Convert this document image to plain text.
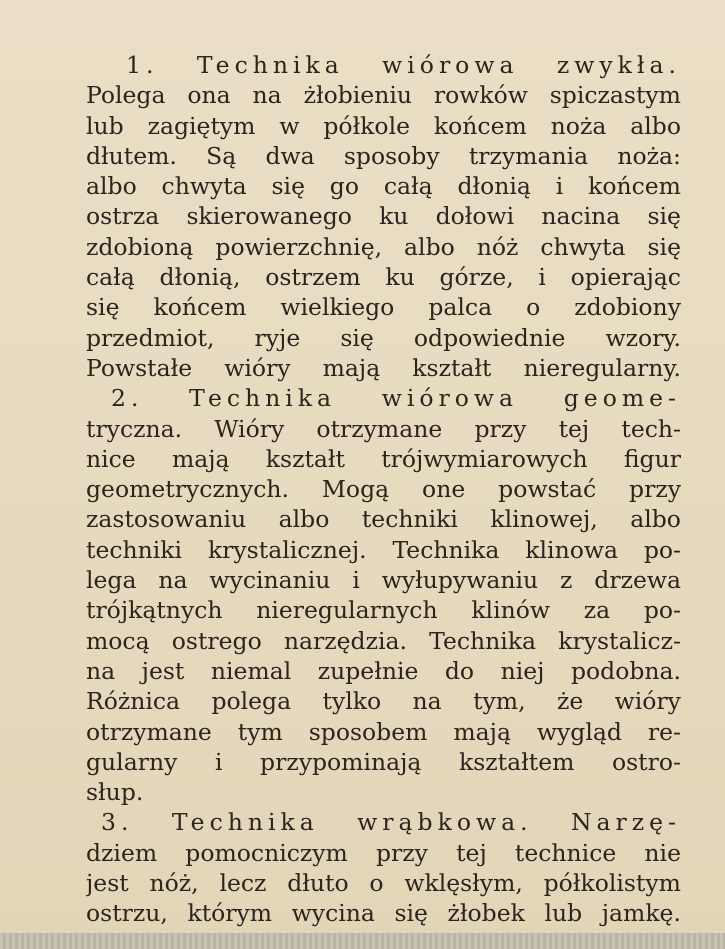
1. Technika wiórowa zwykła.
Polega ona na żłobieniu rowków spiczastym
lub zagiętym w półkole końcem noża albo
dłutem. Są dwa sposoby trzymania noża:
albo chwyta się go całą dłonią i końcem
ostrza skierowanego ku dołowi nacina się
zdobioną powierzchnię, albo nóż chwyta się
całą dłonią, ostrzem ku górze, i opierając
się końcem wielkiego palca o zdobiony
przedmiot, ryje się odpowiednie wzory.
Powstałe wióry mają kształt nieregularny.
2. Technika wiórowa geome-
tryczna. Wióry otrzymane przy tej tech-
nice mają kształt trójwymiarowych figur
geometrycznych. Mogą one powstać przy
zastosowaniu albo techniki klinowej, albo
techniki krystalicznej. Technika klinowa po-
lega na wycinaniu i wyłupywaniu z drzewa
trójkątnych nieregularnych klinów za po-
mocą ostrego narzędzia. Technika krystalicz-
na jest niemal zupełnie do niej podobna.
Różnica polega tylko na tym, że wióry
otrzymane tym sposobem mają wygląd re-
gularny i przypominają kształtem ostro-
słup.
3. Technika wrąbkowa. Narzę-
dziem pomocniczym przy tej technice nie
jest nóż, lecz dłuto o wklęsłym, półkolistym
ostrzu, którym wycina się żłobek lub jamkę.
